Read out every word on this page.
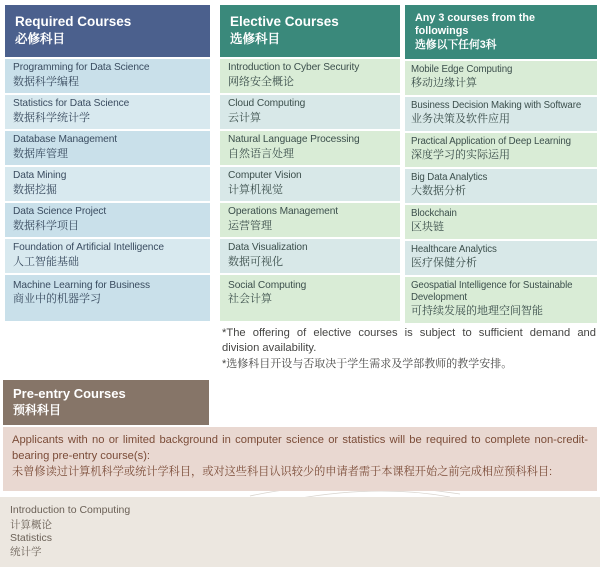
Required Courses
必修科目
Programming for Data Science
数据科学编程
Statistics for Data Science
数据科学统计学
Database Management
数据库管理
Data Mining
数据挖掘
Data Science Project
数据科学项目
Foundation of Artificial Intelligence
人工智能基础
Machine Learning for Business
商业中的机器学习
Elective Courses
选修科目
Introduction to Cyber Security
网络安全概论
Cloud Computing
云计算
Natural Language Processing
自然语言处理
Computer Vision
计算机视觉
Operations Management
运营管理
Data Visualization
数据可视化
Social Computing
社会计算
Any 3 courses from the followings
选修以下任何3科
Mobile Edge Computing
移动边缘计算
Business Decision Making with Software
业务决策及软件应用
Practical Application of Deep Learning
深度学习的实际运用
Big Data Analytics
大数据分析
Blockchain
区块链
Healthcare Analytics
医疗保健分析
Geospatial Intelligence for Sustainable Development
可持续发展的地理空间智能
*The offering of elective courses is subject to sufficient demand and division availability.
*选修科目开设与否取决于学生需求及学部教师的教学安排。
Pre-entry Courses
预科科目
Applicants with no or limited background in computer science or statistics will be required to complete non-credit-bearing pre-entry course(s):
未曾修读过计算机科学或统计学科目，或对这些科目认识较少的申请者需于本课程开始之前完成相应预科科目:
Introduction to Computing
计算概论
Statistics
统计学
